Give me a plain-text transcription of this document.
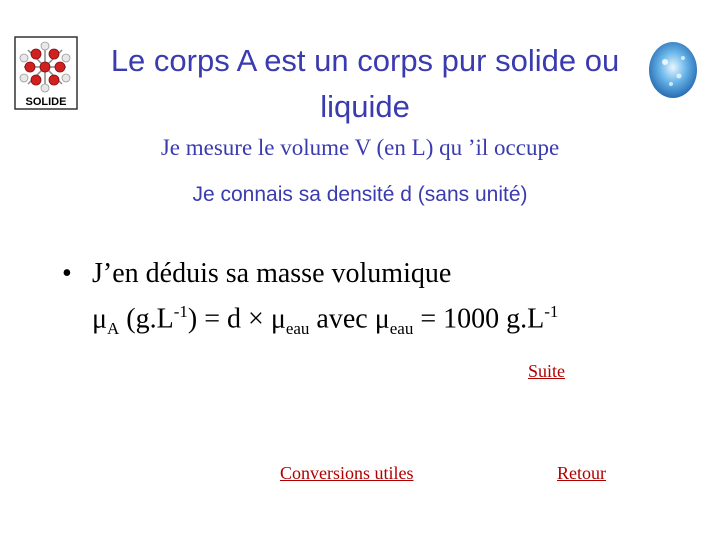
SOLIDE
Le corps A est un corps pur solide ou liquide
Je mesure le volume V (en L) qu ’il occupe
Je connais sa densité d (sans unité)
• J’en déduis sa masse volumique
$\mu_A$ $(g.L^{-1}) = d \times \mu_{eau}$ avec $\mu_{eau} = 1000$ $g.L^{-1}$
Suite
Conversions utiles	Retour
